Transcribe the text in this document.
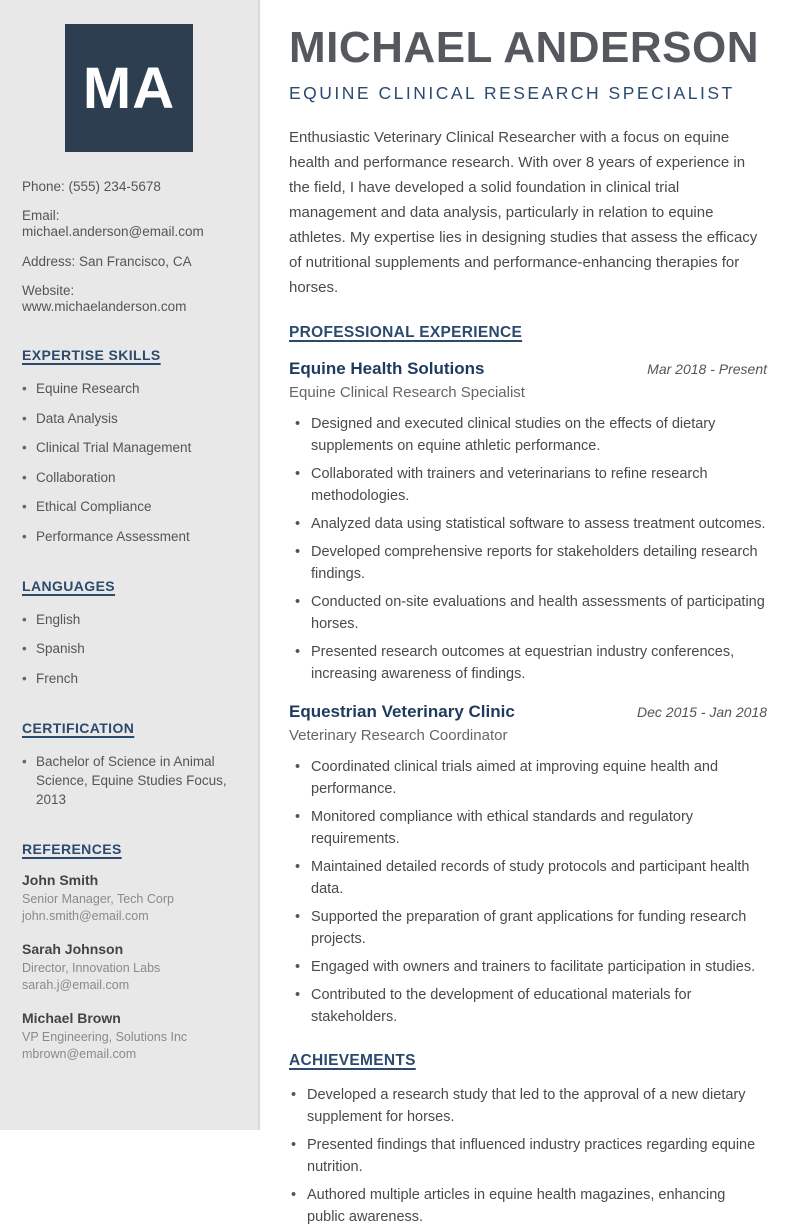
MA
Phone: (555) 234-5678
Email: michael.anderson@email.com
Address: San Francisco, CA
Website: www.michaelanderson.com
EXPERTISE SKILLS
• Equine Research
• Data Analysis
• Clinical Trial Management
• Collaboration
• Ethical Compliance
• Performance Assessment
LANGUAGES
• English
• Spanish
• French
CERTIFICATION
• Bachelor of Science in Animal Science, Equine Studies Focus, 2013
REFERENCES
John Smith
Senior Manager, Tech Corp
john.smith@email.com
Sarah Johnson
Director, Innovation Labs
sarah.j@email.com
Michael Brown
VP Engineering, Solutions Inc
mbrown@email.com
MICHAEL ANDERSON
EQUINE CLINICAL RESEARCH SPECIALIST

Enthusiastic Veterinary Clinical Researcher with a focus on equine health and performance research. With over 8 years of experience in the field, I have developed a solid foundation in clinical trial management and data analysis, particularly in relation to equine athletes. My expertise lies in designing studies that assess the efficacy of nutritional supplements and performance-enhancing therapies for horses.

PROFESSIONAL EXPERIENCE
Equine Health Solutions	Mar 2018 - Present
Equine Clinical Research Specialist
• Designed and executed clinical studies on the effects of dietary supplements on equine athletic performance.
• Collaborated with trainers and veterinarians to refine research methodologies.
• Analyzed data using statistical software to assess treatment outcomes.
• Developed comprehensive reports for stakeholders detailing research findings.
• Conducted on-site evaluations and health assessments of participating horses.
• Presented research outcomes at equestrian industry conferences, increasing awareness of findings.
Equestrian Veterinary Clinic	Dec 2015 - Jan 2018
Veterinary Research Coordinator
• Coordinated clinical trials aimed at improving equine health and performance.
• Monitored compliance with ethical standards and regulatory requirements.
• Maintained detailed records of study protocols and participant health data.
• Supported the preparation of grant applications for funding research projects.
• Engaged with owners and trainers to facilitate participation in studies.
• Contributed to the development of educational materials for stakeholders.
ACHIEVEMENTS
• Developed a research study that led to the approval of a new dietary supplement for horses.
• Presented findings that influenced industry practices regarding equine nutrition.
• Authored multiple articles in equine health magazines, enhancing public awareness.
